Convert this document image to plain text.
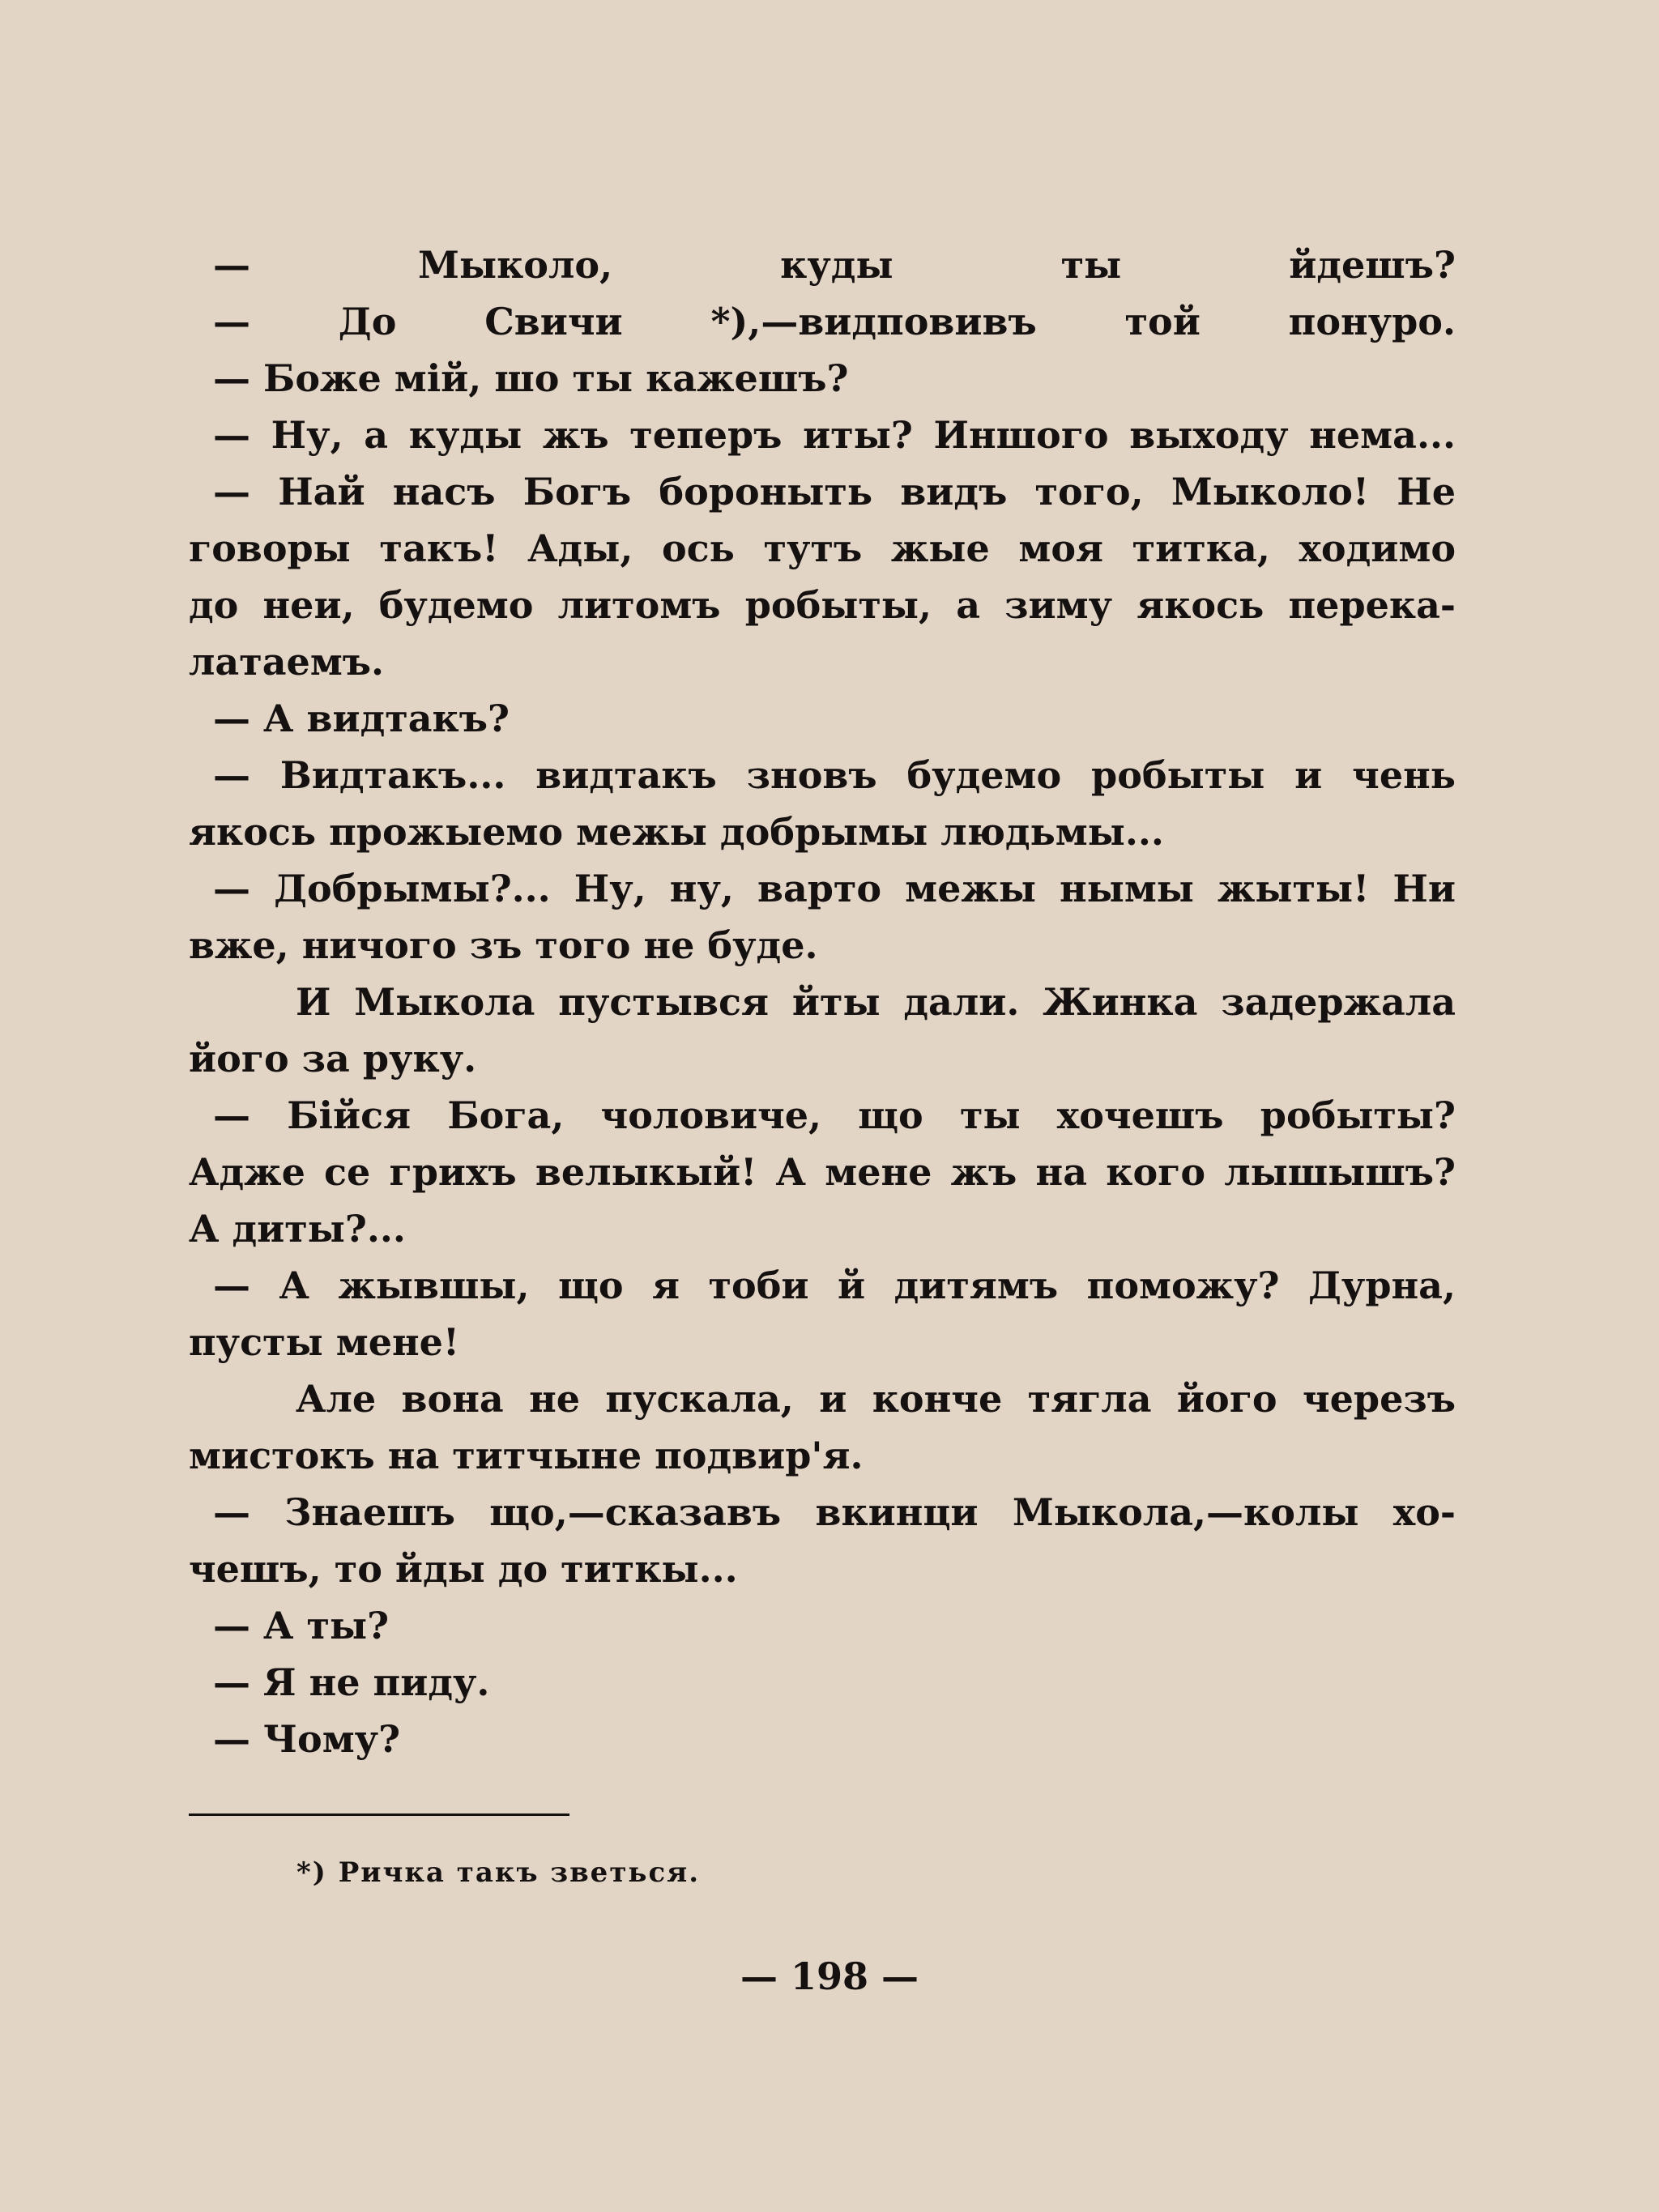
— Мыколо, куды ты йдешъ?
— До Свичи *),—видповивъ той понуро.
— Боже мій, шо ты кажешъ?
— Ну, а куды жъ теперъ иты? Иншого выходу нема...
— Най насъ Богъ бороныть видъ того, Мыколо! Не
говоры такъ! Ады, ось тутъ жые моя титка, ходимо
до неи, будемо литомъ робыты, а зиму якось перека-
латаемъ.
— А видтакъ?
— Видтакъ... видтакъ зновъ будемо робыты и чень
якось прожыемо межы добрымы людьмы...
— Добрымы?... Ну, ну, варто межы нымы жыты! Ни
вже, ничого зъ того не буде.
И Мыкола пустывся йты дали. Жинка задержала
його за руку.
— Бійся Бога, чоловиче, що ты хочешъ робыты?
Адже се грихъ велыкый! А мене жъ на кого лышышъ?
А диты?...
— А жывшы, що я тоби й дитямъ поможу? Дурна,
пусты мене!
Але вона не пускала, и конче тягла його черезъ
мистокъ на титчыне подвир'я.
— Знаешъ що,—сказавъ вкинци Мыкола,—колы хо-
чешъ, то йды до титкы...
— А ты?
— Я не пиду.
— Чому?
*) Ричка такъ зветься.
— 198 —
